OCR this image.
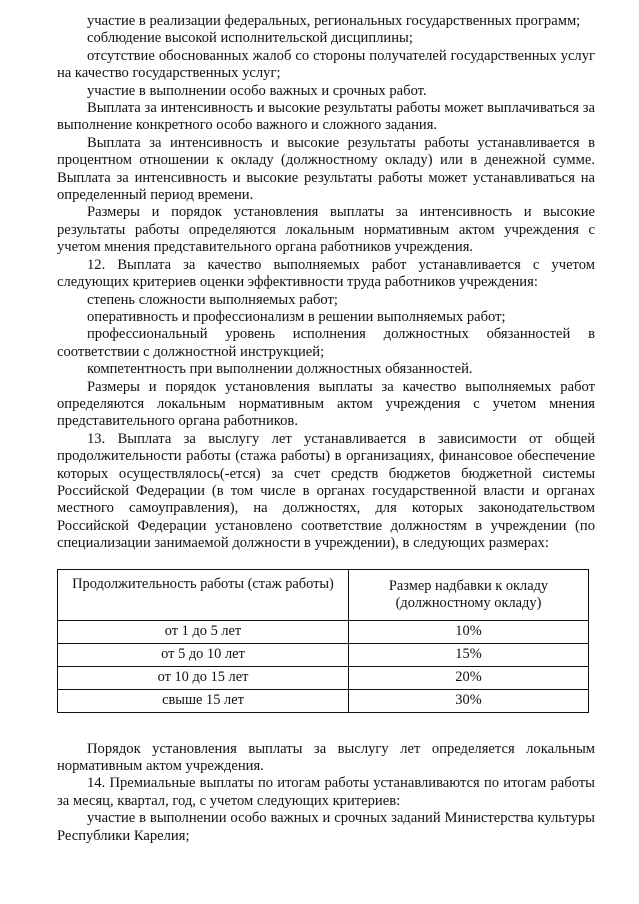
участие в реализации федеральных, региональных государственных программ;

соблюдение высокой исполнительской дисциплины;

отсутствие обоснованных жалоб со стороны получателей государственных услуг на качество государственных услуг;

участие в выполнении особо важных и срочных работ.

Выплата за интенсивность и высокие результаты работы может выплачиваться за выполнение конкретного особо важного и сложного задания.

Выплата за интенсивность и высокие результаты работы устанавливается в процентном отношении к окладу (должностному окладу) или в денежной сумме. Выплата за интенсивность и высокие результаты работы может устанавливаться на определенный период времени.

Размеры и порядок установления выплаты за интенсивность и высокие результаты работы определяются локальным нормативным актом учреждения с учетом мнения представительного органа работников учреждения.

12. Выплата за качество выполняемых работ устанавливается с учетом следующих критериев оценки эффективности труда работников учреждения:

степень сложности выполняемых работ;

оперативность и профессионализм в решении выполняемых работ;

профессиональный уровень исполнения должностных обязанностей в соответствии с должностной инструкцией;

компетентность при выполнении должностных обязанностей.

Размеры и порядок установления выплаты за качество выполняемых работ определяются локальным нормативным актом учреждения с учетом мнения представительного органа работников.

13. Выплата за выслугу лет устанавливается в зависимости от общей продолжительности работы (стажа работы) в организациях, финансовое обеспечение которых осуществлялось(-ется) за счет средств бюджетов бюджетной системы Российской Федерации (в том числе в органах государственной власти и органах местного самоуправления), на должностях, для которых законодательством Российской Федерации установлено соответствие должностям в учреждении (по специализации занимаемой должности в учреждении), в следующих размерах:

Продолжительность работы (стаж работы)	Размер надбавки к окладу (должностному окладу)
от 1 до 5 лет	10%
от 5 до 10 лет	15%
от 10 до 15 лет	20%
свыше 15 лет	30%

Порядок установления выплаты за выслугу лет определяется локальным нормативным актом учреждения.

14. Премиальные выплаты по итогам работы устанавливаются по итогам работы за месяц, квартал, год, с учетом следующих критериев:

участие в выполнении особо важных и срочных заданий Министерства культуры Республики Карелия;
